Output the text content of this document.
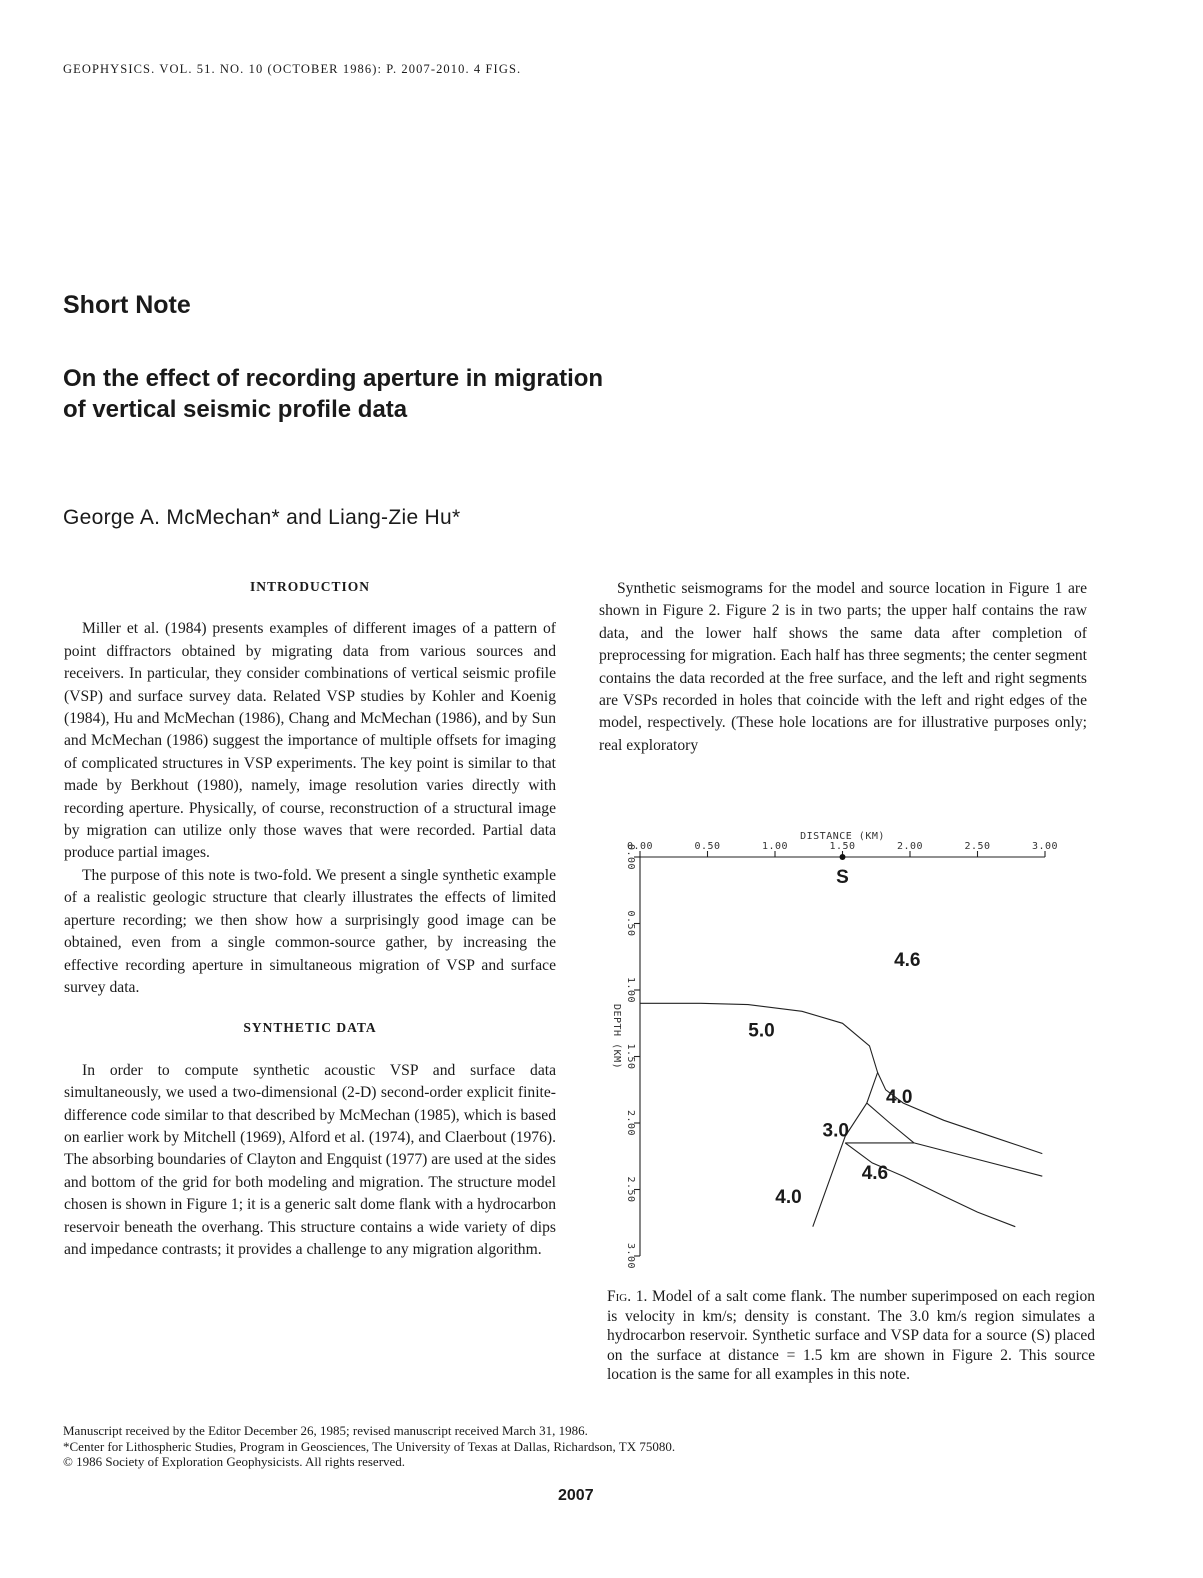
GEOPHYSICS. VOL. 51. NO. 10 (OCTOBER 1986): P. 2007-2010. 4 FIGS.
Short Note
On the effect of recording aperture in migration
of vertical seismic profile data
George A. McMechan* and Liang-Zie Hu*
INTRODUCTION

Miller et al. (1984) presents examples of different images of a pattern of point diffractors obtained by migrating data from various sources and receivers. In particular, they consider combinations of vertical seismic profile (VSP) and surface survey data. Related VSP studies by Kohler and Koenig (1984), Hu and McMechan (1986), Chang and McMechan (1986), and by Sun and McMechan (1986) suggest the importance of multiple offsets for imaging of complicated structures in VSP experiments. The key point is similar to that made by Berkhout (1980), namely, image resolution varies directly with recording aperture. Physically, of course, reconstruction of a structural image by migration can utilize only those waves that were recorded. Partial data produce partial images.

The purpose of this note is two-fold. We present a single synthetic example of a realistic geologic structure that clearly illustrates the effects of limited aperture recording; we then show how a surprisingly good image can be obtained, even from a single common-source gather, by increasing the effective recording aperture in simultaneous migration of VSP and surface survey data.

SYNTHETIC DATA

In order to compute synthetic acoustic VSP and surface data simultaneously, we used a two-dimensional (2-D) second-order explicit finite-difference code similar to that described by McMechan (1985), which is based on earlier work by Mitchell (1969), Alford et al. (1974), and Claerbout (1976). The absorbing boundaries of Clayton and Engquist (1977) are used at the sides and bottom of the grid for both modeling and migration. The structure model chosen is shown in Figure 1; it is a generic salt dome flank with a hydrocarbon reservoir beneath the overhang. This structure contains a wide variety of dips and impedance contrasts; it provides a challenge to any migration algorithm.

Synthetic seismograms for the model and source location in Figure 1 are shown in Figure 2. Figure 2 is in two parts; the upper half contains the raw data, and the lower half shows the same data after completion of preprocessing for migration. Each half has three segments; the center segment contains the data recorded at the free surface, and the left and right segments are VSPs recorded in holes that coincide with the left and right edges of the model, respectively. (These hole locations are for illustrative purposes only; real exploratory

0.00	0.50	1.00	1.50	2.00	2.50	3.00
DISTANCE (KM)
0.00
0.50
1.00
1.50
2.00
2.50
3.00
DEPTH (KM)
S
4.6
5.0
4.0
3.0
4.6
4.0
Fig. 1. Model of a salt come flank. The number superimposed on each region is velocity in km/s; density is constant. The 3.0 km/s region simulates a hydrocarbon reservoir. Synthetic surface and VSP data for a source (S) placed on the surface at distance = 1.5 km are shown in Figure 2. This source location is the same for all examples in this note.
Manuscript received by the Editor December 26, 1985; revised manuscript received March 31, 1986.
*Center for Lithospheric Studies, Program in Geosciences, The University of Texas at Dallas, Richardson, TX 75080.
© 1986 Society of Exploration Geophysicists. All rights reserved.
2007
